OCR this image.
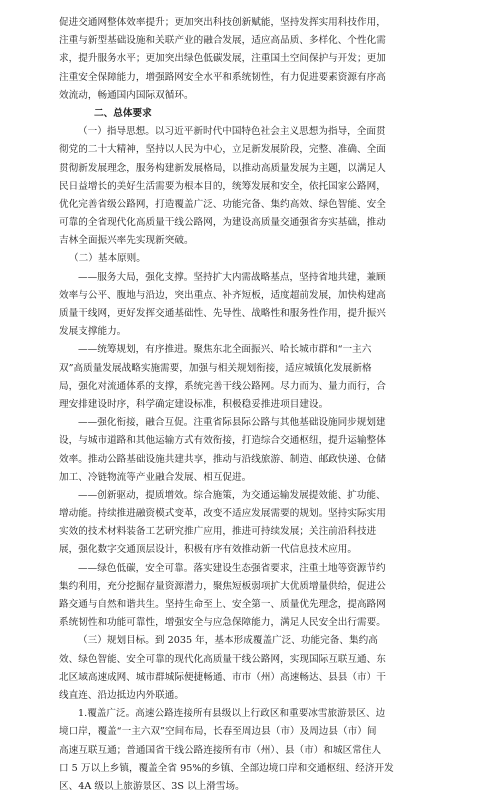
促进交通网整体效率提升；更加突出科技创新赋能，坚持发挥实用科技作用，
注重与新型基础设施和关联产业的融合发展，适应高品质、多样化、个性化需
求，提升服务水平；更加突出绿色低碳发展，注重国土空间保护与开发；更加
注重安全保障能力，增强路网安全水平和系统韧性，有力促进要素资源有序高
效流动，畅通国内国际双循环。
二、总体要求
（一）指导思想。以习近平新时代中国特色社会主义思想为指导，全面贯
彻党的二十大精神，坚持以人民为中心，立足新发展阶段，完整、准确、全面
贯彻新发展理念，服务构建新发展格局，以推动高质量发展为主题，以满足人
民日益增长的美好生活需要为根本目的，统筹发展和安全，依托国家公路网，
优化完善省级公路网，打造覆盖广泛、功能完备、集约高效、绿色智能、安全
可靠的全省现代化高质量干线公路网，为建设高质量交通强省夯实基础，推动
吉林全面振兴率先实现新突破。
（二）基本原则。
——服务大局，强化支撑。坚持扩大内需战略基点，坚持省地共建，兼顾
效率与公平、腹地与沿边，突出重点、补齐短板，适度超前发展，加快构建高
质量干线网，更好发挥交通基础性、先导性、战略性和服务性作用，提升振兴
发展支撑能力。
——统筹规划，有序推进。聚焦东北全面振兴、哈长城市群和“一主六
双”高质量发展战略实施需要，加强与相关规划衔接，适应城镇化发展新格
局，强化对流通体系的支撑，系统完善干线公路网。尽力而为、量力而行，合
理安排建设时序，科学确定建设标准，积极稳妥推进项目建设。
——强化衔接，融合互促。注重省际县际公路与其他基础设施同步规划建
设，与城市道路和其他运输方式有效衔接，打造综合交通枢纽，提升运输整体
效率。推动公路基础设施共建共享，推动与沿线旅游、制造、邮政快递、仓储
加工、冷链物流等产业融合发展、相互促进。
——创新驱动，提质增效。综合施策，为交通运输发展提效能、扩功能、
增动能。持续推进融资模式变革，改变不适应发展需要的规划。坚持实际实用
实效的技术材料装备工艺研究推广应用，推进可持续发展；关注前沿科技进
展，强化数字交通顶层设计，积极有序有效推动新一代信息技术应用。
——绿色低碳，安全可靠。落实建设生态强省要求，注重土地等资源节约
集约利用，充分挖掘存量资源潜力，聚焦短板弱项扩大优质增量供给，促进公
路交通与自然和谐共生。坚持生命至上、安全第一、质量优先理念，提高路网
系统韧性和功能可靠性，增强安全与应急保障能力，满足人民安全出行需要。
（三）规划目标。到 2035 年，基本形成覆盖广泛、功能完备、集约高
效、绿色智能、安全可靠的现代化高质量干线公路网，实现国际互联互通、东
北区域高速成网、城市群城际便捷畅通、市市（州）高速畅达、县县（市）干
线直连、沿边抵边内外联通。
1.覆盖广泛。高速公路连接所有县级以上行政区和重要冰雪旅游景区、边
境口岸，覆盖“一主六双”空间布局，长春至周边县（市）及周边县（市）间
高速互联互通；普通国省干线公路连接所有市（州）、县（市）和城区常住人
口 5 万以上乡镇，覆盖全省 95%的乡镇、全部边境口岸和交通枢纽、经济开发
区、4A 级以上旅游景区、3S 以上滑雪场。
